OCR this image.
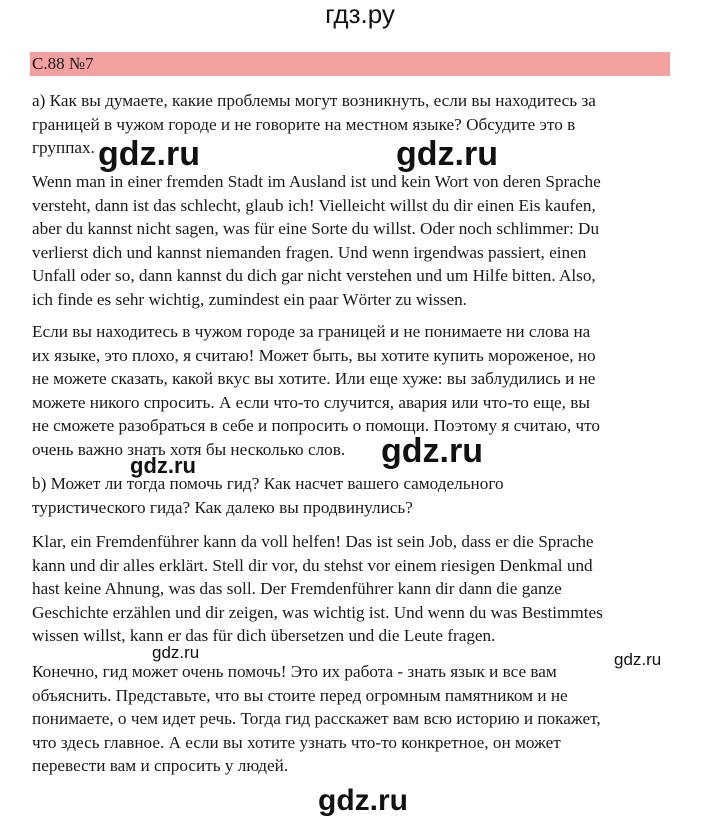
гдз.ру
С.88 №7
а) Как вы думаете, какие проблемы могут возникнуть, если вы находитесь за
границей в чужом городе и не говорите на местном языке? Обсудите это в
группах.
Wenn man in einer fremden Stadt im Ausland ist und kein Wort von deren Sprache
versteht, dann ist das schlecht, glaub ich! Vielleicht willst du dir einen Eis kaufen,
aber du kannst nicht sagen, was für eine Sorte du willst. Oder noch schlimmer: Du
verlierst dich und kannst niemanden fragen. Und wenn irgendwas passiert, einen
Unfall oder so, dann kannst du dich gar nicht verstehen und um Hilfe bitten. Also,
ich finde es sehr wichtig, zumindest ein paar Wörter zu wissen.
Если вы находитесь в чужом городе за границей и не понимаете ни слова на
их языке, это плохо, я считаю! Может быть, вы хотите купить мороженое, но
не можете сказать, какой вкус вы хотите. Или еще хуже: вы заблудились и не
можете никого спросить. А если что-то случится, авария или что-то еще, вы
не сможете разобраться в себе и попросить о помощи. Поэтому я считаю, что
очень важно знать хотя бы несколько слов.
b) Может ли тогда помочь гид? Как насчет вашего самодельного
туристического гида? Как далеко вы продвинулись?
Klar, ein Fremdenführer kann da voll helfen! Das ist sein Job, dass er die Sprache
kann und dir alles erklärt. Stell dir vor, du stehst vor einem riesigen Denkmal und
hast keine Ahnung, was das soll. Der Fremdenführer kann dir dann die ganze
Geschichte erzählen und dir zeigen, was wichtig ist. Und wenn du was Bestimmtes
wissen willst, kann er das für dich übersetzen und die Leute fragen.
Конечно, гид может очень помочь! Это их работа - знать язык и все вам
объяснить. Представьте, что вы стоите перед огромным памятником и не
понимаете, о чем идет речь. Тогда гид расскажет вам всю историю и покажет,
что здесь главное. А если вы хотите узнать что-то конкретное, он может
перевести вам и спросить у людей.
gdz.ru	gdz.ru
gdz.ru	gdz.ru
gdz.ru	gdz.ru
gdz.ru
